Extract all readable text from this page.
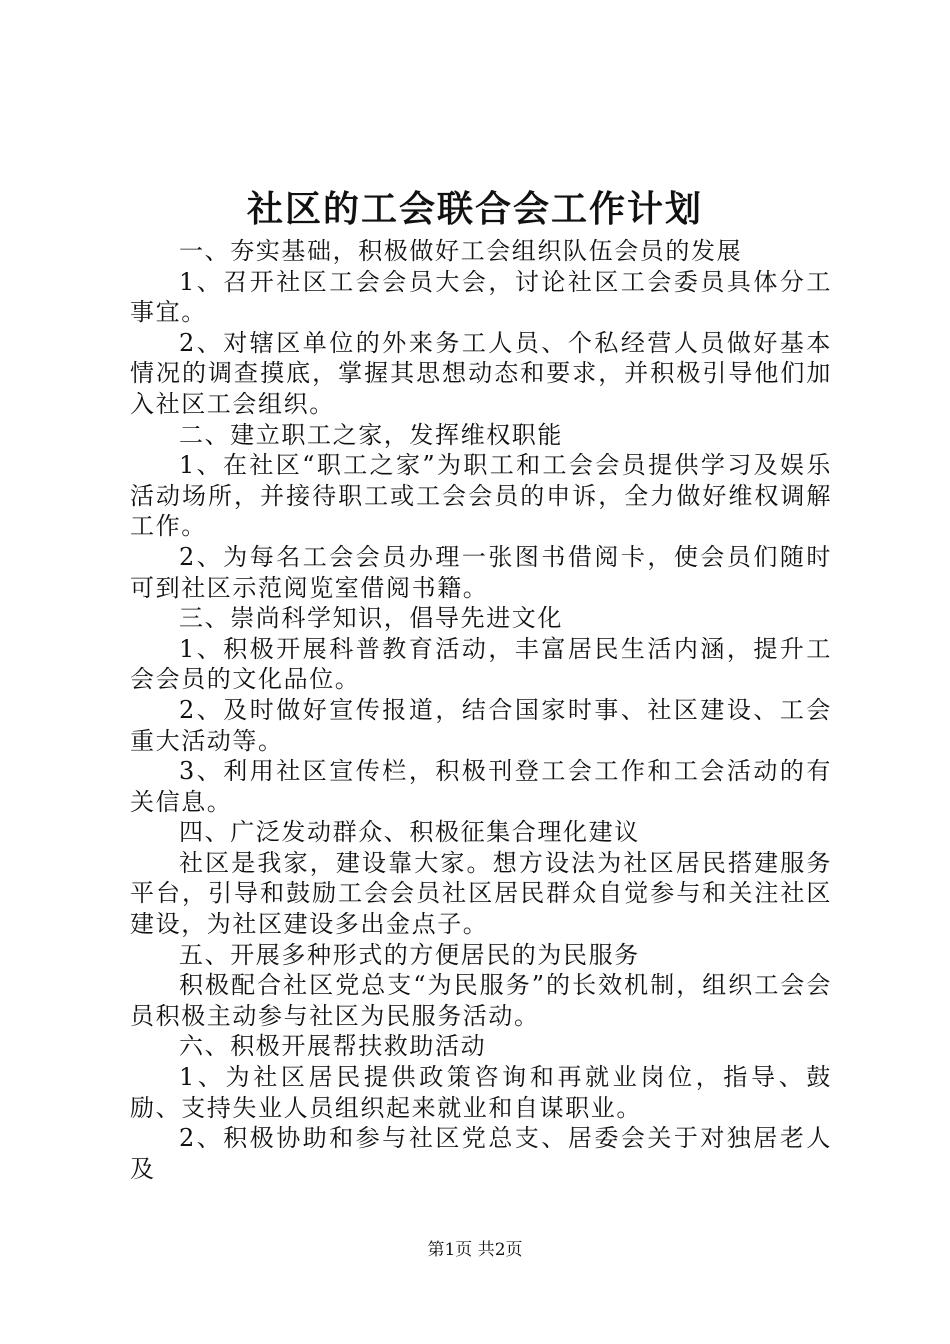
社区的工会联合会工作计划

一、夯实基础，积极做好工会组织队伍会员的发展

1、召开社区工会会员大会，讨论社区工会委员具体分工事宜。

2、对辖区单位的外来务工人员、个私经营人员做好基本情况的调查摸底，掌握其思想动态和要求，并积极引导他们加入社区工会组织。

二、建立职工之家，发挥维权职能

1、在社区“职工之家”为职工和工会会员提供学习及娱乐活动场所，并接待职工或工会会员的申诉，全力做好维权调解工作。

2、为每名工会会员办理一张图书借阅卡，使会员们随时可到社区示范阅览室借阅书籍。

三、崇尚科学知识，倡导先进文化

1、积极开展科普教育活动，丰富居民生活内涵，提升工会会员的文化品位。

2、及时做好宣传报道，结合国家时事、社区建设、工会重大活动等。

3、利用社区宣传栏，积极刊登工会工作和工会活动的有关信息。

四、广泛发动群众、积极征集合理化建议

社区是我家，建设靠大家。想方设法为社区居民搭建服务平台，引导和鼓励工会会员社区居民群众自觉参与和关注社区建设，为社区建设多出金点子。

五、开展多种形式的方便居民的为民服务

积极配合社区党总支“为民服务”的长效机制，组织工会会员积极主动参与社区为民服务活动。

六、积极开展帮扶救助活动

1、为社区居民提供政策咨询和再就业岗位，指导、鼓励、支持失业人员组织起来就业和自谋职业。

2、积极协助和参与社区党总支、居委会关于对独居老人及

第1页 共2页
